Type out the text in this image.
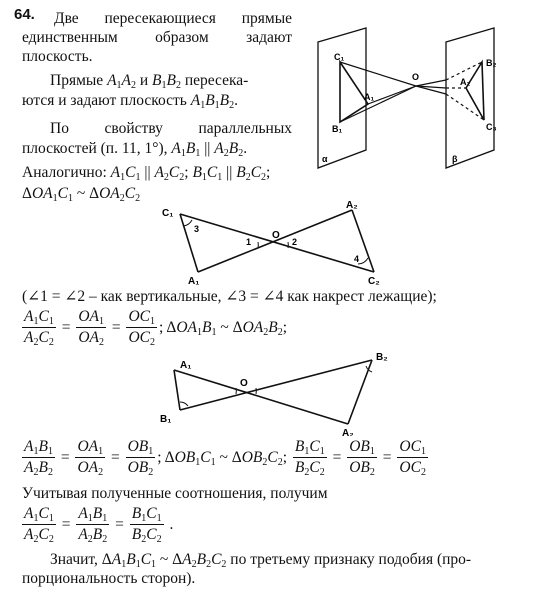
64. Две пересекающиеся прямые
единственным образом задают
плоскость.
Прямые $A_1A_2$ и $B_1B_2$ пересека-
ются и задают плоскость $A_1B_1B_2$.
По свойству параллельных
плоскостей (п. 11, 1°), $A_1B_1$ || $A_2B_2$.
Аналогично: $A_1C_1$ || $A_2C_2$; $B_1C_1$ || $B_2C_2$;
$\Delta OA_1C_1$ ~ $\Delta OA_2C_2$
C₁
B₁
A₁
O	A₂
B₂
C₃
α	β
C₁
A₁
O
A₂
C₂
1	2
3
4
(∠1 = ∠2 – как вертикальные, ∠3 = ∠4 как накрест лежащие);
$\frac{A_1C_1}{A_2C_2} = \frac{OA_1}{OA_2} = \frac{OC_1}{OC_2}$ ; $\Delta OA_1B_1$ ~ $\Delta OA_2B_2$;
A₁
B₁
O
B₂
A₂
$\frac{A_1B_1}{A_2B_2} = \frac{OA_1}{OA_2} = \frac{OB_1}{OB_2}$ ; $\Delta OB_1C_1$ ~ $\Delta OB_2C_2$; $\frac{B_1C_1}{B_2C_2} = \frac{OB_1}{OB_2} = \frac{OC_1}{OC_2}$
Учитывая полученные соотношения, получим
$\frac{A_1C_1}{A_2C_2} = \frac{A_1B_1}{A_2B_2} = \frac{B_1C_1}{B_2C_2}$ .
Значит, $\Delta A_1B_1C_1$ ~ $\Delta A_2B_2C_2$ по третьему признаку подобия (про-
порциональность сторон).
